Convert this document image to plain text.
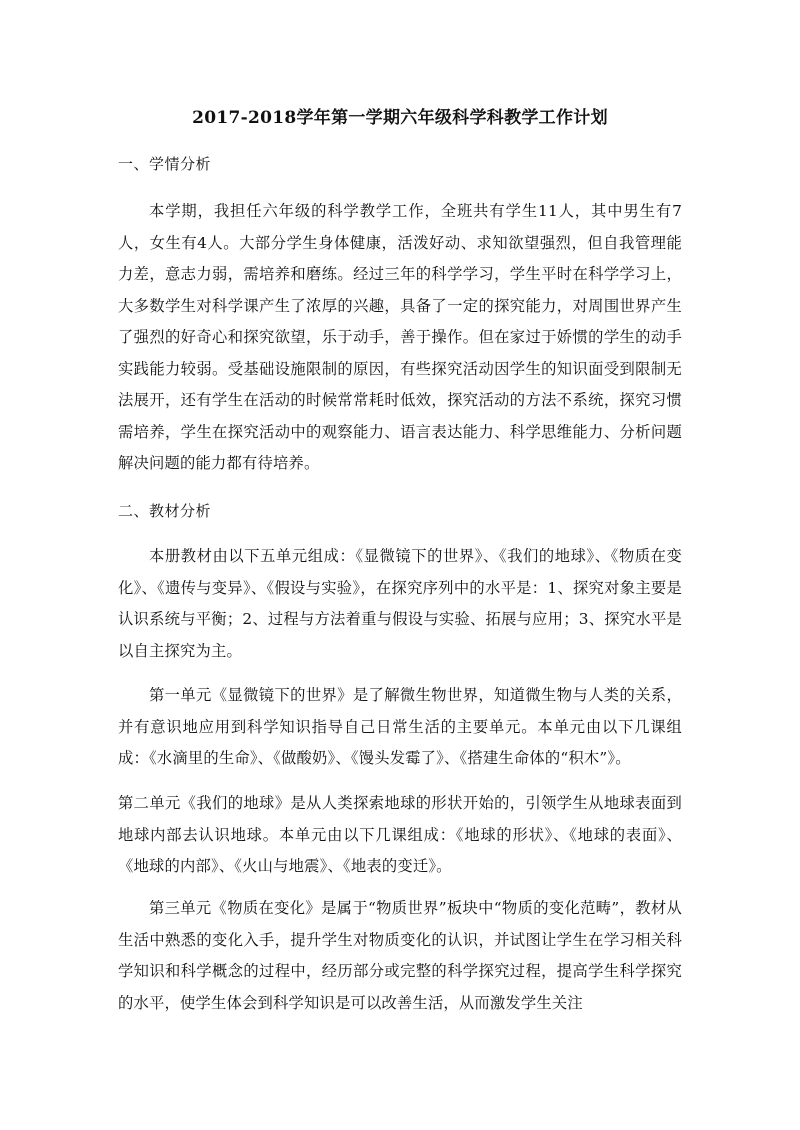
2017-2018学年第一学期六年级科学科教学工作计划
一、学情分析
本学期，我担任六年级的科学教学工作，全班共有学生11人，其中男生有7人，女生有4人。大部分学生身体健康，活泼好动、求知欲望强烈，但自我管理能力差，意志力弱，需培养和磨练。经过三年的科学学习，学生平时在科学学习上，大多数学生对科学课产生了浓厚的兴趣，具备了一定的探究能力，对周围世界产生了强烈的好奇心和探究欲望，乐于动手，善于操作。但在家过于娇惯的学生的动手实践能力较弱。受基础设施限制的原因，有些探究活动因学生的知识面受到限制无法展开，还有学生在活动的时候常常耗时低效，探究活动的方法不系统，探究习惯需培养，学生在探究活动中的观察能力、语言表达能力、科学思维能力、分析问题解决问题的能力都有待培养。
二、教材分析
本册教材由以下五单元组成：《显微镜下的世界》、《我们的地球》、《物质在变化》、《遗传与变异》、《假设与实验》，在探究序列中的水平是：1、探究对象主要是认识系统与平衡；2、过程与方法着重与假设与实验、拓展与应用；3、探究水平是以自主探究为主。
第一单元《显微镜下的世界》是了解微生物世界，知道微生物与人类的关系，并有意识地应用到科学知识指导自己日常生活的主要单元。本单元由以下几课组成：《水滴里的生命》、《做酸奶》、《馒头发霉了》、《搭建生命体的“积木”》。
第二单元《我们的地球》是从人类探索地球的形状开始的，引领学生从地球表面到地球内部去认识地球。本单元由以下几课组成：《地球的形状》、《地球的表面》、《地球的内部》、《火山与地震》、《地表的变迁》。
第三单元《物质在变化》是属于“物质世界”板块中“物质的变化范畴”，教材从生活中熟悉的变化入手，提升学生对物质变化的认识，并试图让学生在学习相关科学知识和科学概念的过程中，经历部分或完整的科学探究过程，提高学生科学探究的水平，使学生体会到科学知识是可以改善生活，从而激发学生关注
